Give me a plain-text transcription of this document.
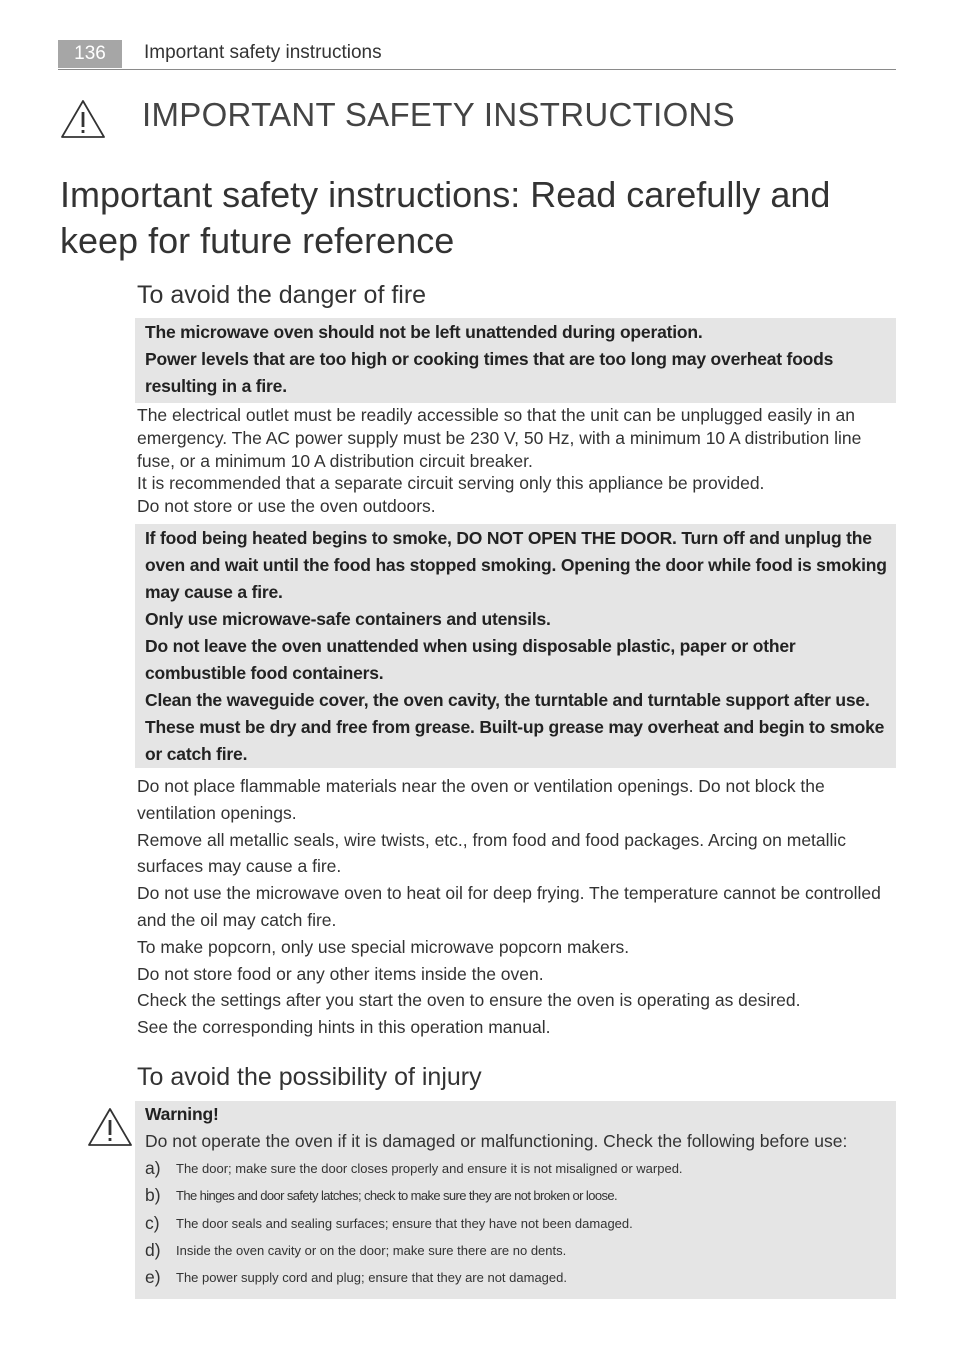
136	Important safety instructions
IMPORTANT SAFETY INSTRUCTIONS
Important safety instructions: Read carefully and keep for future reference
To avoid the danger of fire

The microwave oven should not be left unattended during operation.

Power levels that are too high or cooking times that are too long may overheat foods resulting in a fire.

The electrical outlet must be readily accessible so that the unit can be unplugged easily in an emergency. The AC power supply must be 230 V, 50 Hz, with a minimum 10 A distribution line fuse, or a minimum 10 A distribution circuit breaker.

It is recommended that a separate circuit serving only this appliance be provided.

Do not store or use the oven outdoors.

If food being heated begins to smoke, DO NOT OPEN THE DOOR. Turn off and unplug the oven and wait until the food has stopped smoking. Opening the door while food is smoking may cause a fire.

Only use microwave-safe containers and utensils.

Do not leave the oven unattended when using disposable plastic, paper or other combustible food containers.

Clean the waveguide cover, the oven cavity, the turntable and turntable support after use. These must be dry and free from grease. Built-up grease may overheat and begin to smoke or catch fire.

Do not place flammable materials near the oven or ventilation openings. Do not block the ventilation openings.

Remove all metallic seals, wire twists, etc., from food and food packages. Arcing on metallic surfaces may cause a fire.

Do not use the microwave oven to heat oil for deep frying. The temperature cannot be controlled and the oil may catch fire.

To make popcorn, only use special microwave popcorn makers.

Do not store food or any other items inside the oven.

Check the settings after you start the oven to ensure the oven is operating as desired.

See the corresponding hints in this operation manual.

To avoid the possibility of injury

Warning!

Do not operate the oven if it is damaged or malfunctioning. Check the following before use:

a)	The door; make sure the door closes properly and ensure it is not misaligned or warped.
b)	The hinges and door safety latches; check to make sure they are not broken or loose.
c)	The door seals and sealing surfaces; ensure that they have not been damaged.
d)	Inside the oven cavity or on the door; make sure there are no dents.
e)	The power supply cord and plug; ensure that they are not damaged.
